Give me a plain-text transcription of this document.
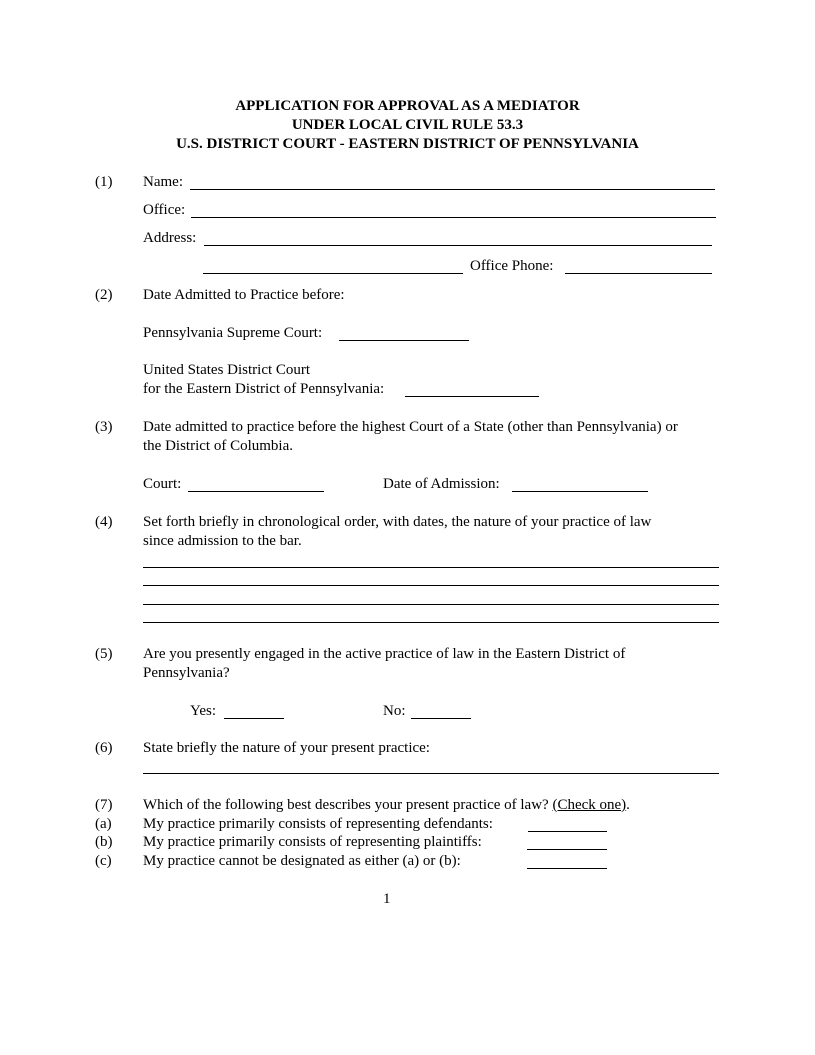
APPLICATION FOR APPROVAL AS A MEDIATOR
UNDER LOCAL CIVIL RULE 53.3
U.S. DISTRICT COURT - EASTERN DISTRICT OF PENNSYLVANIA
(1) Name:
Office:
Address:
Office Phone:
(2) Date Admitted to Practice before:
Pennsylvania Supreme Court:
United States District Court
for the Eastern District of Pennsylvania:
(3) Date admitted to practice before the highest Court of a State (other than Pennsylvania) or
the District of Columbia.
Court:	Date of Admission:
(4) Set forth briefly in chronological order, with dates, the nature of your practice of law
since admission to the bar.
(5) Are you presently engaged in the active practice of law in the Eastern District of
Pennsylvania?
Yes:	No:
(6) State briefly the nature of your present practice:
(7) Which of the following best describes your present practice of law? (Check one).
(a) My practice primarily consists of representing defendants:
(b) My practice primarily consists of representing plaintiffs:
(c) My practice cannot be designated as either (a) or (b):
1
